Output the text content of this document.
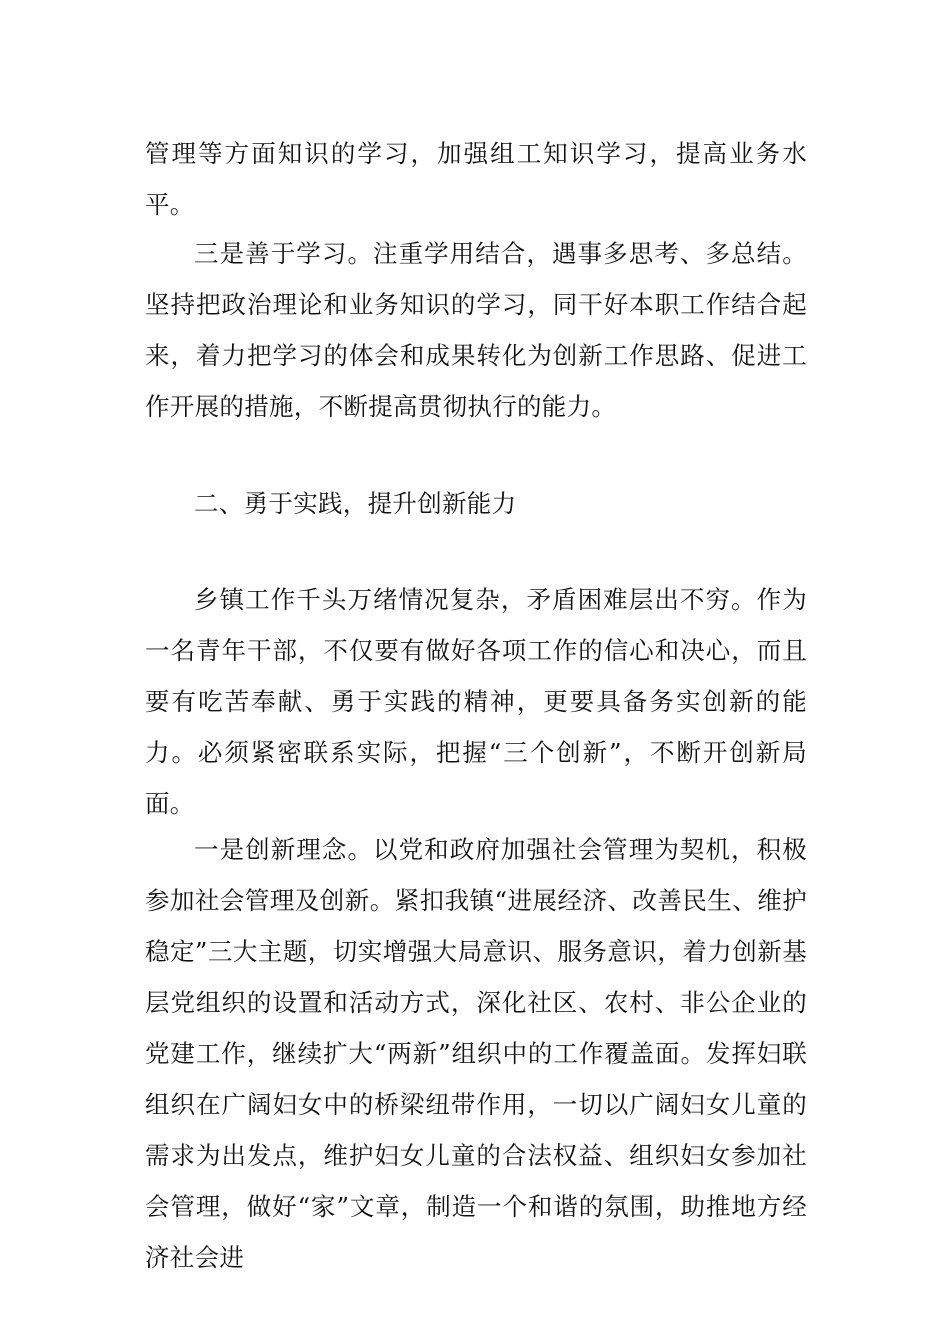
管理等方面知识的学习，加强组工知识学习，提高业务水平。

三是善于学习。注重学用结合，遇事多思考、多总结。坚持把政治理论和业务知识的学习，同干好本职工作结合起来，着力把学习的体会和成果转化为创新工作思路、促进工作开展的措施，不断提高贯彻执行的能力。

二、勇于实践，提升创新能力

乡镇工作千头万绪情况复杂，矛盾困难层出不穷。作为一名青年干部，不仅要有做好各项工作的信心和决心，而且要有吃苦奉献、勇于实践的精神，更要具备务实创新的能力。必须紧密联系实际，把握“三个创新”，不断开创新局面。

一是创新理念。以党和政府加强社会管理为契机，积极参加社会管理及创新。紧扣我镇“进展经济、改善民生、维护稳定”三大主题，切实增强大局意识、服务意识，着力创新基层党组织的设置和活动方式，深化社区、农村、非公企业的党建工作，继续扩大“两新”组织中的工作覆盖面。发挥妇联组织在广阔妇女中的桥梁纽带作用，一切以广阔妇女儿童的需求为出发点，维护妇女儿童的合法权益、组织妇女参加社会管理，做好“家”文章，制造一个和谐的氛围，助推地方经济社会进
